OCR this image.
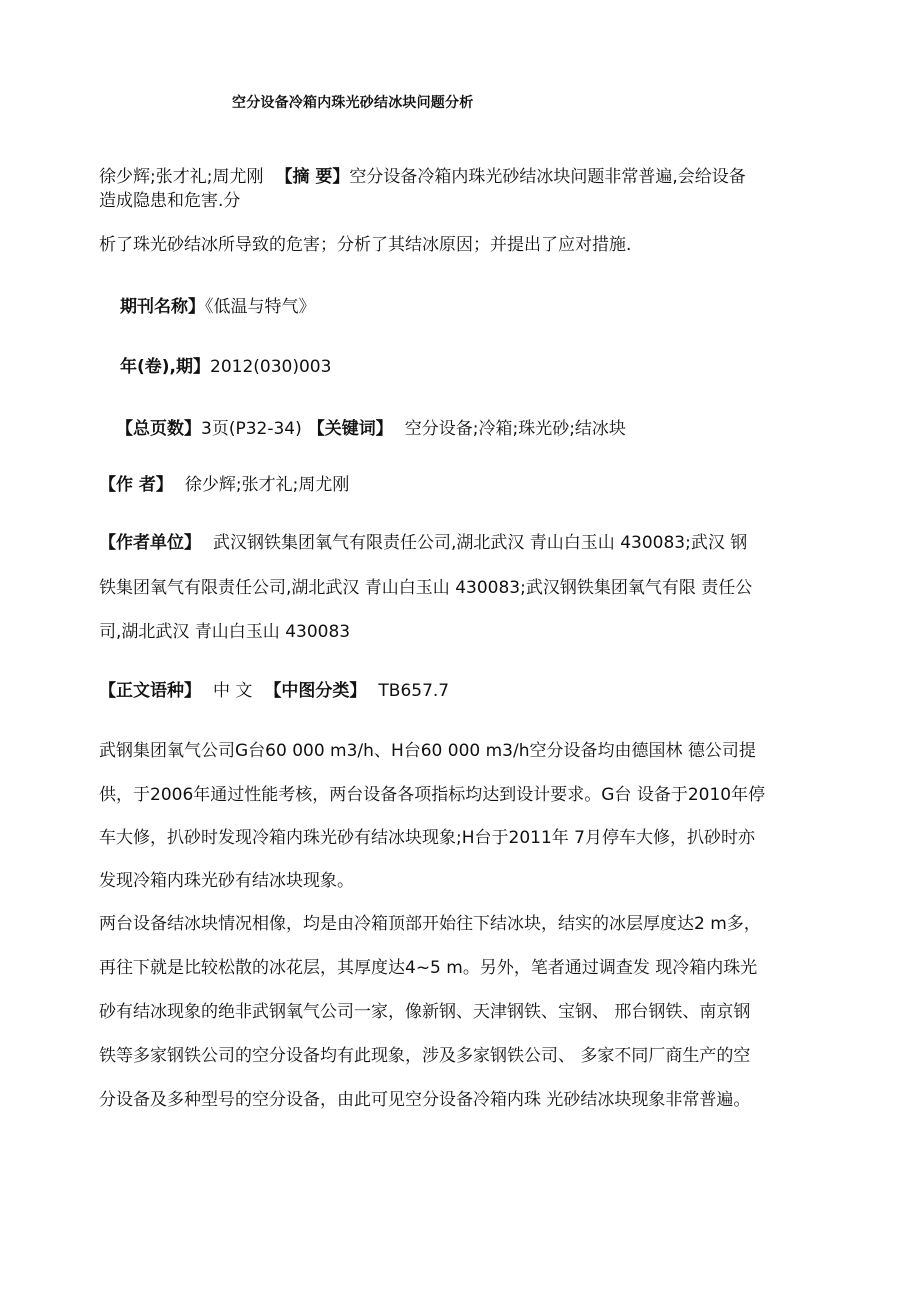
空分设备冷箱内珠光砂结冰块问题分析
徐少辉;张才礼;周尤刚 【摘 要】空分设备冷箱内珠光砂结冰块问题非常普遍,会给设备
造成隐患和危害.分
析了珠光砂结冰所导致的危害；分析了其结冰原因；并提出了应对措施.
期刊名称】《低温与特气》
年(卷),期】2012(030)003
【总页数】3页(P32-34) 【关键词】 空分设备;冷箱;珠光砂;结冰块
【作 者】 徐少辉;张才礼;周尤刚
【作者单位】 武汉钢铁集团氧气有限责任公司,湖北武汉 青山白玉山 430083;武汉 钢
铁集团氧气有限责任公司,湖北武汉 青山白玉山 430083;武汉钢铁集团氧气有限 责任公
司,湖北武汉 青山白玉山 430083
【正文语种】 中 文 【中图分类】 TB657.7
武钢集团氧气公司G台60 000 m3/h、H台60 000 m3/h空分设备均由德国林 德公司提
供，于2006年通过性能考核，两台设备各项指标均达到设计要求。G台 设备于2010年停
车大修，扒砂时发现冷箱内珠光砂有结冰块现象;H台于2011年 7月停车大修，扒砂时亦
发现冷箱内珠光砂有结冰块现象。
两台设备结冰块情况相像，均是由冷箱顶部开始往下结冰块，结实的冰层厚度达2 m多，
再往下就是比较松散的冰花层，其厚度达4~5 m。另外，笔者通过调查发 现冷箱内珠光
砂有结冰现象的绝非武钢氧气公司一家，像新钢、天津钢铁、宝钢、 邢台钢铁、南京钢
铁等多家钢铁公司的空分设备均有此现象，涉及多家钢铁公司、 多家不同厂商生产的空
分设备及多种型号的空分设备，由此可见空分设备冷箱内珠 光砂结冰块现象非常普遍。
